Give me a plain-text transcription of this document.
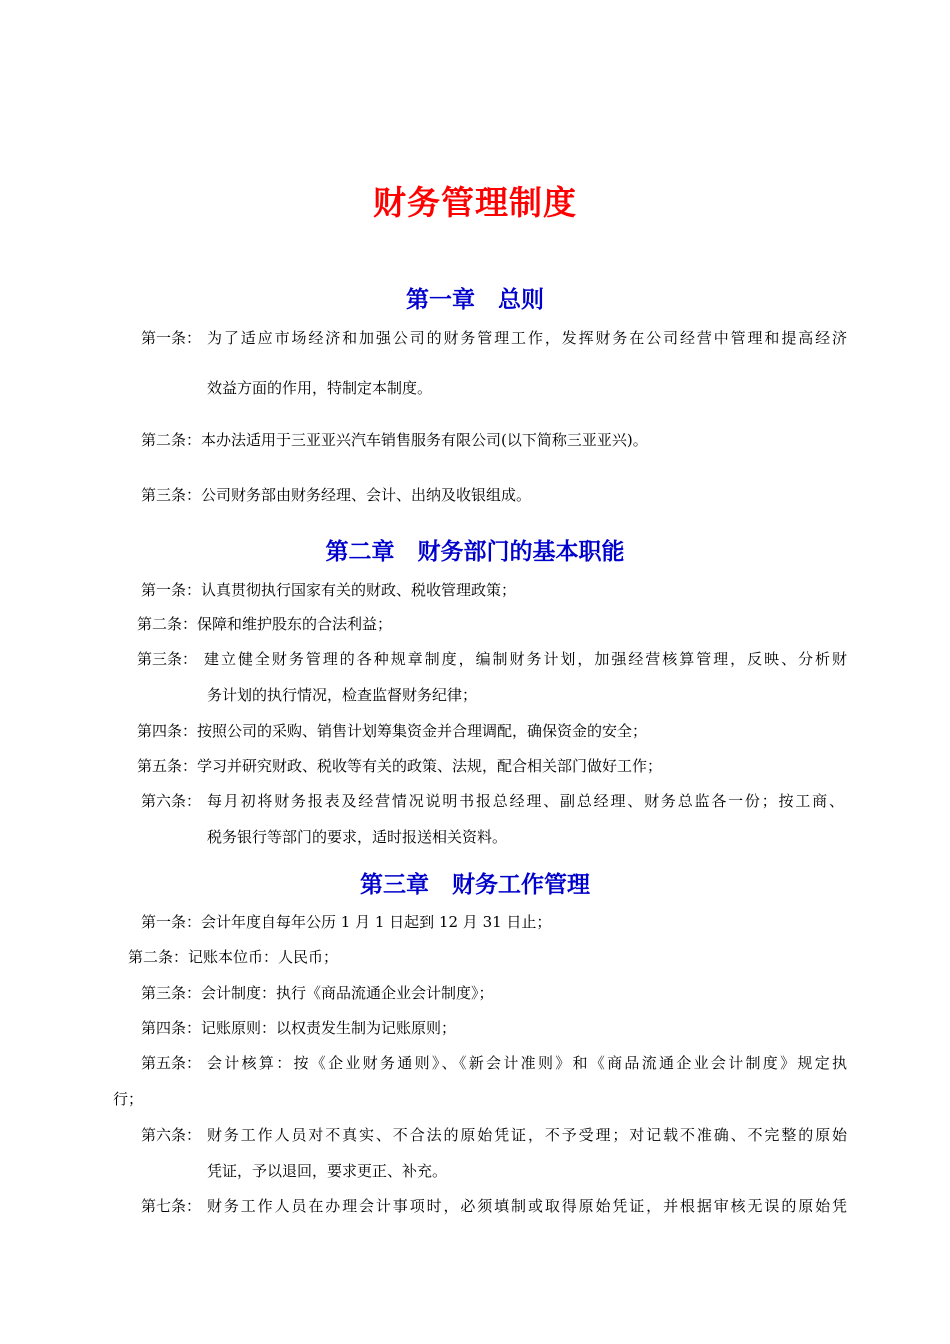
财务管理制度
第一章　总则
第一条： 为了适应市场经济和加强公司的财务管理工作，发挥财务在公司经营中管理和提高经济
效益方面的作用，特制定本制度。
第二条：本办法适用于三亚亚兴汽车销售服务有限公司(以下简称三亚亚兴)。
第三条：公司财务部由财务经理、会计、出纳及收银组成。
第二章　财务部门的基本职能
第一条：认真贯彻执行国家有关的财政、税收管理政策；
第二条：保障和维护股东的合法利益；
第三条： 建立健全财务管理的各种规章制度，编制财务计划，加强经营核算管理，反映、分析财
务计划的执行情况，检查监督财务纪律；
第四条：按照公司的采购、销售计划筹集资金并合理调配，确保资金的安全；
第五条：学习并研究财政、税收等有关的政策、法规，配合相关部门做好工作；
第六条： 每月初将财务报表及经营情况说明书报总经理、副总经理、财务总监各一份；按工商、
税务银行等部门的要求，适时报送相关资料。
第三章　财务工作管理
第一条：会计年度自每年公历 1 月 1 日起到 12 月 31 日止；
第二条：记账本位币：人民币；
第三条：会计制度：执行《商品流通企业会计制度》；
第四条：记账原则：以权责发生制为记账原则；
第五条： 会计核算：按《企业财务通则》、《新会计准则》和《商品流通企业会计制度》规定执
行；
第六条： 财务工作人员对不真实、不合法的原始凭证，不予受理；对记载不准确、不完整的原始
凭证，予以退回，要求更正、补充。
第七条： 财务工作人员在办理会计事项时，必须填制或取得原始凭证，并根据审核无误的原始凭
